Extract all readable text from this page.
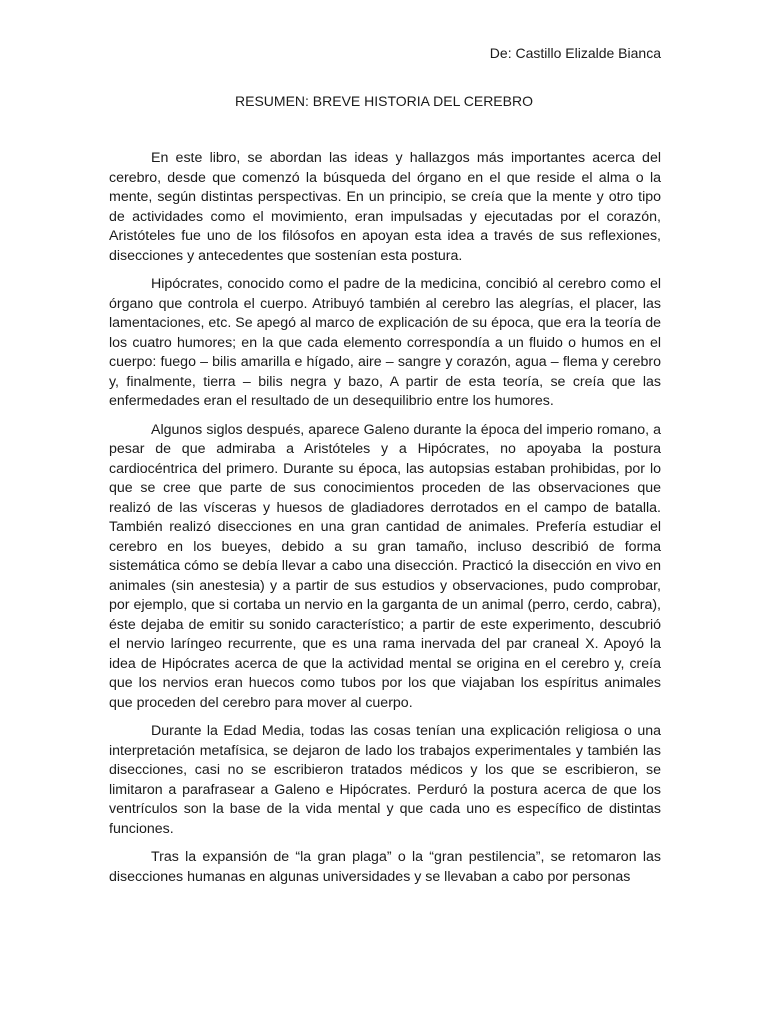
De: Castillo Elizalde Bianca
RESUMEN: BREVE HISTORIA DEL CEREBRO

En este libro, se abordan las ideas y hallazgos más importantes acerca del cerebro, desde que comenzó la búsqueda del órgano en el que reside el alma o la mente, según distintas perspectivas. En un principio, se creía que la mente y otro tipo de actividades como el movimiento, eran impulsadas y ejecutadas por el corazón, Aristóteles fue uno de los filósofos en apoyan esta idea a través de sus reflexiones, disecciones y antecedentes que sostenían esta postura.

Hipócrates, conocido como el padre de la medicina, concibió al cerebro como el órgano que controla el cuerpo. Atribuyó también al cerebro las alegrías, el placer, las lamentaciones, etc. Se apegó al marco de explicación de su época, que era la teoría de los cuatro humores; en la que cada elemento correspondía a un fluido o humos en el cuerpo: fuego – bilis amarilla e hígado, aire – sangre y corazón, agua – flema y cerebro y, finalmente, tierra – bilis negra y bazo, A partir de esta teoría, se creía que las enfermedades eran el resultado de un desequilibrio entre los humores.

Algunos siglos después, aparece Galeno durante la época del imperio romano, a pesar de que admiraba a Aristóteles y a Hipócrates, no apoyaba la postura cardiocéntrica del primero. Durante su época, las autopsias estaban prohibidas, por lo que se cree que parte de sus conocimientos proceden de las observaciones que realizó de las vísceras y huesos de gladiadores derrotados en el campo de batalla. También realizó disecciones en una gran cantidad de animales. Prefería estudiar el cerebro en los bueyes, debido a su gran tamaño, incluso describió de forma sistemática cómo se debía llevar a cabo una disección. Practicó la disección en vivo en animales (sin anestesia) y a partir de sus estudios y observaciones, pudo comprobar, por ejemplo, que si cortaba un nervio en la garganta de un animal (perro, cerdo, cabra), éste dejaba de emitir su sonido característico; a partir de este experimento, descubrió el nervio laríngeo recurrente, que es una rama inervada del par craneal X. Apoyó la idea de Hipócrates acerca de que la actividad mental se origina en el cerebro y, creía que los nervios eran huecos como tubos por los que viajaban los espíritus animales que proceden del cerebro para mover al cuerpo.

Durante la Edad Media, todas las cosas tenían una explicación religiosa o una interpretación metafísica, se dejaron de lado los trabajos experimentales y también las disecciones, casi no se escribieron tratados médicos y los que se escribieron, se limitaron a parafrasear a Galeno e Hipócrates. Perduró la postura acerca de que los ventrículos son la base de la vida mental y que cada uno es específico de distintas funciones.

Tras la expansión de “la gran plaga” o la “gran pestilencia”, se retomaron las disecciones humanas en algunas universidades y se llevaban a cabo por personas
